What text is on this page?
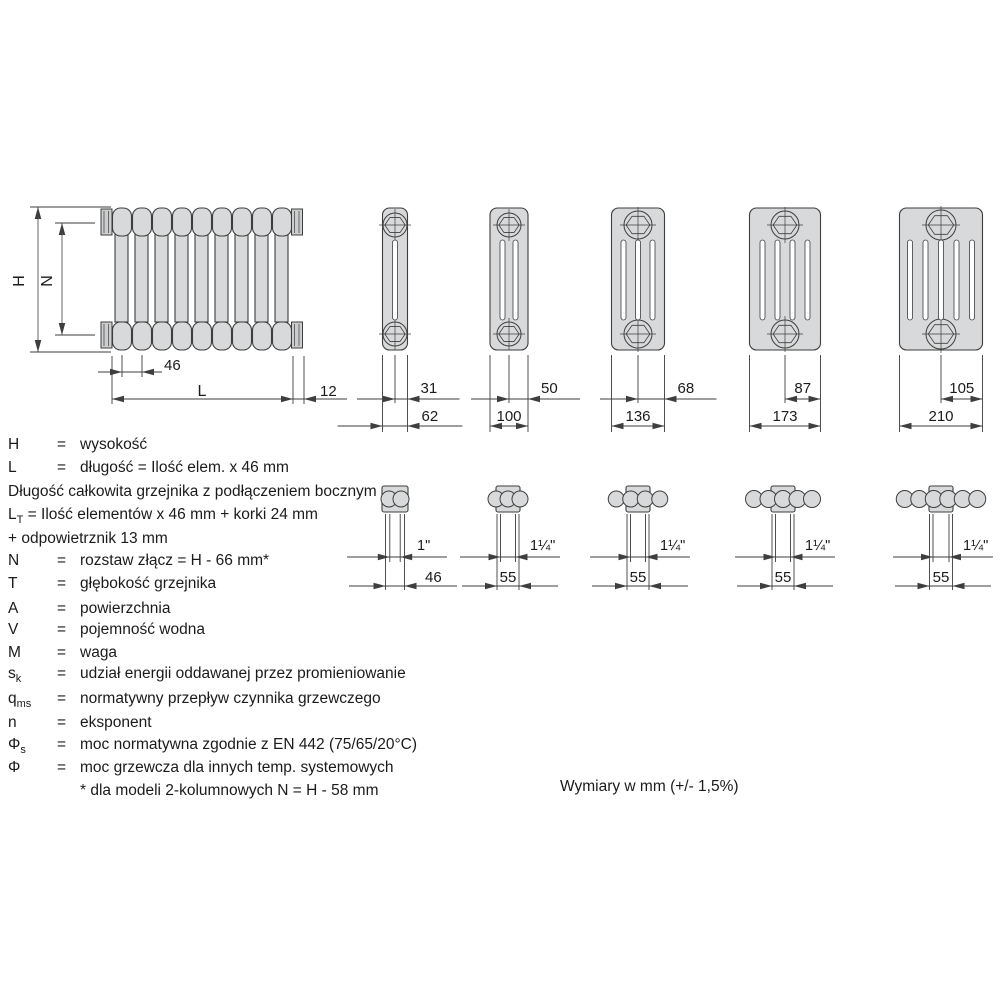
H N
46
L	12	31
62
50
100
68
136
87
173
105
210
1"
46
1¼"
55
1¼"
55
1¼"
55
1¼"
55
H = wysokość
L	= długość = Ilość elem. x 46 mm
Długość całkowita grzejnika z podłączeniem bocznym
$L_T$ = Ilość elementów x 46 mm + korki 24 mm
+ odpowietrznik 13 mm
N = rozstaw złącz = H - 66 mm*
T	= głębokość grzejnika
A = powierzchnia
V = pojemność wodna
M = waga
$s_k$ = udział energii oddawanej przez promieniowanie
$q_{ms}$ = normatywny przepływ czynnika grzewczego
n	= eksponent
$\Phi_s$ = moc normatywna zgodnie z EN 442 (75/65/20°C)
Φ = moc grzewcza dla innych temp. systemowych
* dla modeli 2-kolumnowych N = H - 58 mm	Wymiary w mm (+/- 1,5%)
